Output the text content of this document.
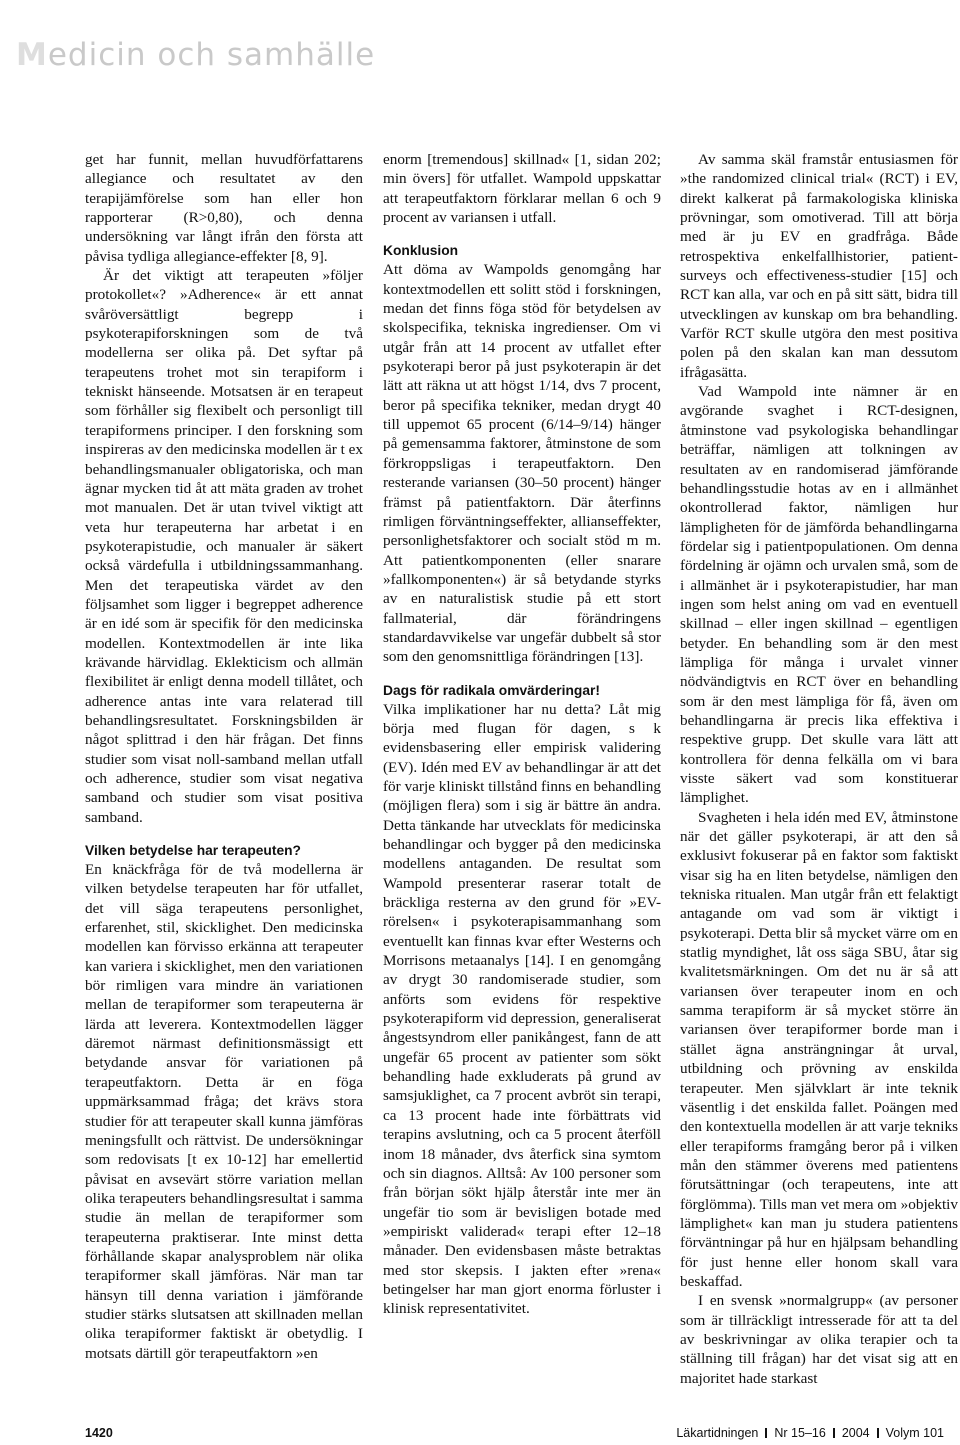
Medicin och samhälle

get har funnit, mellan huvudförfattarens allegiance och resultatet av den terapijämförelse som han eller hon rapporterar (R>0,80), och denna undersökning var långt ifrån den första att påvisa tydliga allegiance-effekter [8, 9].

Är det viktigt att terapeuten »följer protokollet«? »Adherence« är ett annat svåröversättligt begrepp i psykoterapiforskningen som de två modellerna ser olika på. Det syftar på terapeutens trohet mot sin terapiform i tekniskt hänseende. Motsatsen är en terapeut som förhåller sig flexibelt och personligt till terapiformens principer. I den forskning som inspireras av den medicinska modellen är t ex behandlingsmanualer obligatoriska, och man ägnar mycken tid åt att mäta graden av trohet mot manualen. Det är utan tvivel viktigt att veta hur terapeuterna har arbetat i en psykoterapistudie, och manualer är säkert också värdefulla i utbildningssammanhang. Men det terapeutiska värdet av den följsamhet som ligger i begreppet adherence är en idé som är specifik för den medicinska modellen. Kontextmodellen är inte lika krävande härvidlag. Eklekticism och allmän flexibilitet är enligt denna modell tillåtet, och adherence antas inte vara relaterad till behandlingsresultatet. Forskningsbilden är något splittrad i den här frågan. Det finns studier som visat noll-samband mellan utfall och adherence, studier som visat negativa samband och studier som visat positiva samband.

Vilken betydelse har terapeuten?

En knäckfråga för de två modellerna är vilken betydelse terapeuten har för utfallet, det vill säga terapeutens personlighet, erfarenhet, stil, skicklighet. Den medicinska modellen kan förvisso erkänna att terapeuter kan variera i skicklighet, men den variationen bör rimligen vara mindre än variationen mellan de terapiformer som terapeuterna är lärda att leverera. Kontextmodellen lägger däremot närmast definitionsmässigt ett betydande ansvar för variationen på terapeutfaktorn. Detta är en föga uppmärksammad fråga; det krävs stora studier för att terapeuter skall kunna jämföras meningsfullt och rättvist. De undersökningar som redovisats [t ex 10-12] har emellertid påvisat en avsevärt större variation mellan olika terapeuters behandlingsresultat i samma studie än mellan de terapiformer som terapeuterna praktiserar. Inte minst detta förhållande skapar analysproblem när olika terapiformer skall jämföras. När man tar hänsyn till denna variation i jämförande studier stärks slutsatsen att skillnaden mellan olika terapiformer faktiskt är obetydlig. I motsats därtill gör terapeutfaktorn »en

enorm [tremendous] skillnad« [1, sidan 202; min övers] för utfallet. Wampold uppskattar att terapeutfaktorn förklarar mellan 6 och 9 procent av variansen i utfall.

Konklusion

Att döma av Wampolds genomgång har kontextmodellen ett solitt stöd i forskningen, medan det finns föga stöd för betydelsen av skolspecifika, tekniska ingredienser. Om vi utgår från att 14 procent av utfallet efter psykoterapi beror på just psykoterapin är det lätt att räkna ut att högst 1/14, dvs 7 procent, beror på specifika tekniker, medan drygt 40 till uppemot 65 procent (6/14–9/14) hänger på gemensamma faktorer, åtminstone de som förkroppsligas i terapeutfaktorn. Den resterande variansen (30–50 procent) hänger främst på patientfaktorn. Där återfinns rimligen förväntningseffekter, allianseffekter, personlighetsfaktorer och socialt stöd m m. Att patientkomponenten (eller snarare »fallkomponenten«) är så betydande styrks av en naturalistisk studie på ett stort fallmaterial, där förändringens standardavvikelse var ungefär dubbelt så stor som den genomsnittliga förändringen [13].

Dags för radikala omvärderingar!

Vilka implikationer har nu detta? Låt mig börja med flugan för dagen, s k evidensbasering eller empirisk validering (EV). Idén med EV av behandlingar är att det för varje kliniskt tillstånd finns en behandling (möjligen flera) som i sig är bättre än andra. Detta tänkande har utvecklats för medicinska behandlingar och bygger på den medicinska modellens antaganden. De resultat som Wampold presenterar raserar totalt de bräckliga resterna av den grund för »EV-rörelsen« i psykoterapisammanhang som eventuellt kan finnas kvar efter Westerns och Morrisons metaanalys [14]. I en genomgång av drygt 30 randomiserade studier, som anförts som evidens för respektive psykoterapiform vid depression, generaliserat ångestsyndrom eller panikångest, fann de att ungefär 65 procent av patienter som sökt behandling hade exkluderats på grund av samsjuklighet, ca 7 procent avbröt sin terapi, ca 13 procent hade inte förbättrats vid terapins avslutning, och ca 5 procent återföll inom 18 månader, dvs återfick sina symtom och sin diagnos. Alltså: Av 100 personer som från början sökt hjälp återstår inte mer än ungefär tio som är bevisligen botade med »empiriskt validerad« terapi efter 12–18 månader. Den evidensbasen måste betraktas med stor skepsis. I jakten efter »rena« betingelser har man gjort enorma förluster i klinisk representativitet.

Av samma skäl framstår entusiasmen för »the randomized clinical trial« (RCT) i EV, direkt kalkerat på farmakologiska kliniska prövningar, som omotiverad. Till att börja med är ju EV en gradfråga. Både retrospektiva enkelfallhistorier, patient-surveys och effectiveness-studier [15] och RCT kan alla, var och en på sitt sätt, bidra till utvecklingen av kunskap om bra behandling. Varför RCT skulle utgöra den mest positiva polen på den skalan kan man dessutom ifrågasätta.

Vad Wampold inte nämner är en avgörande svaghet i RCT-designen, åtminstone vad psykologiska behandlingar beträffar, nämligen att tolkningen av resultaten av en randomiserad jämförande behandlingsstudie hotas av en i allmänhet okontrollerad faktor, nämligen hur lämpligheten för de jämförda behandlingarna fördelar sig i patientpopulationen. Om denna fördelning är ojämn och urvalen små, som de i allmänhet är i psykoterapistudier, har man ingen som helst aning om vad en eventuell skillnad – eller ingen skillnad – egentligen betyder. En behandling som är den mest lämpliga för många i urvalet vinner nödvändigtvis en RCT över en behandling som är den mest lämpliga för få, även om behandlingarna är precis lika effektiva i respektive grupp. Det skulle vara lätt att kontrollera för denna felkälla om vi bara visste säkert vad som konstituerar lämplighet.

Svagheten i hela idén med EV, åtminstone när det gäller psykoterapi, är att den så exklusivt fokuserar på en faktor som faktiskt visar sig ha en liten betydelse, nämligen den tekniska ritualen. Man utgår från ett felaktigt antagande om vad som är viktigt i psykoterapi. Detta blir så mycket värre om en statlig myndighet, låt oss säga SBU, åtar sig kvalitetsmärkningen. Om det nu är så att variansen över terapeuter inom en och samma terapiform är så mycket större än variansen över terapiformer borde man i stället ägna ansträngningar åt urval, utbildning och prövning av enskilda terapeuter. Men självklart är inte teknik väsentlig i det enskilda fallet. Poängen med den kontextuella modellen är att varje tekniks eller terapiforms framgång beror på i vilken mån den stämmer överens med patientens förutsättningar (och terapeutens, inte att förglömma). Tills man vet mera om »objektiv lämplighet« kan man ju studera patientens förväntningar på hur en hjälpsam behandling för just henne eller honom skall vara beskaffad.

I en svensk »normalgrupp« (av personer som är tillräckligt intresserade för att ta del av beskrivningar av olika terapier och ta ställning till frågan) har det visat sig att en majoritet hade starkast

1420	Läkartidningen Nr 15–16 2004 Volym 101
